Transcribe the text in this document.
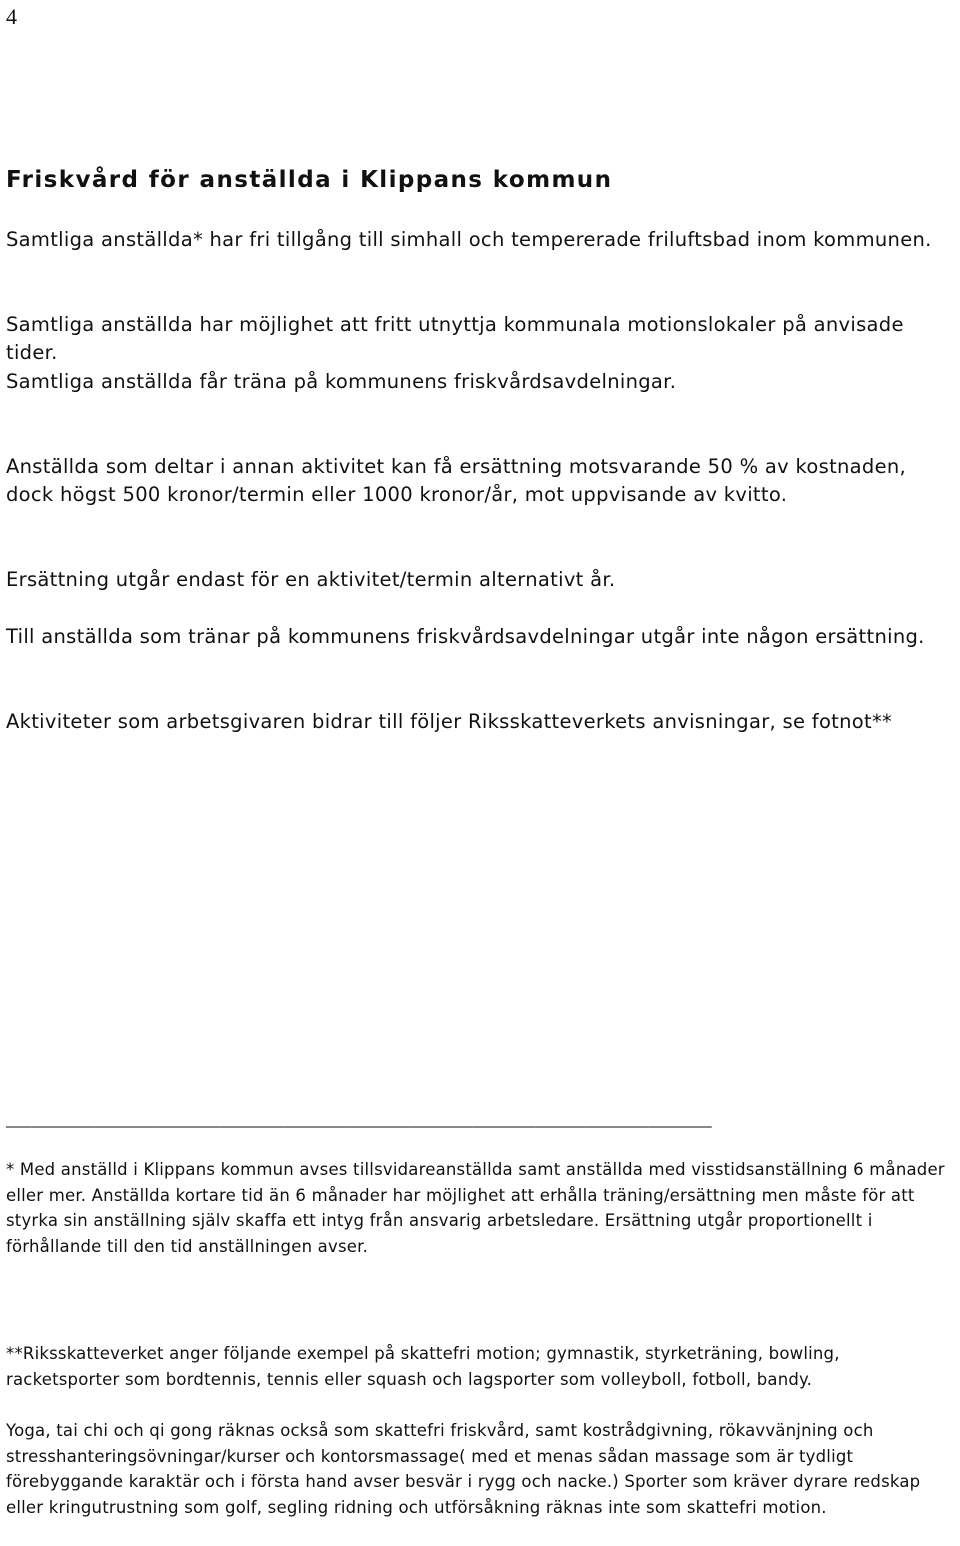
4
Friskvård för anställda i Klippans kommun

Samtliga anställda* har fri tillgång till simhall och tempererade friluftsbad inom kommunen.

Samtliga anställda har möjlighet att fritt utnyttja kommunala motionslokaler på anvisade tider.

Samtliga anställda får träna på kommunens friskvårdsavdelningar.

Anställda som deltar i annan aktivitet kan få ersättning motsvarande 50 % av kostnaden, dock högst 500 kronor/termin eller 1000 kronor/år, mot uppvisande av kvitto.

Ersättning utgår endast för en aktivitet/termin alternativt år.

Till anställda som tränar på kommunens friskvårdsavdelningar utgår inte någon ersättning.

Aktiviteter som arbetsgivaren bidrar till följer Riksskatteverkets anvisningar, se fotnot**

________________________________________________________

* Med anställd i Klippans kommun avses tillsvidareanställda samt anställda med visstidsanställning 6 månader eller mer. Anställda kortare tid än 6 månader har möjlighet att erhålla träning/ersättning men måste för att styrka sin anställning själv skaffa ett intyg från ansvarig arbetsledare. Ersättning utgår proportionellt i förhållande till den tid anställningen avser.

**Riksskatteverket anger följande exempel på skattefri motion; gymnastik, styrketräning, bowling, racketsporter som bordtennis, tennis eller squash och lagsporter som volleyboll, fotboll, bandy.

Yoga, tai chi och qi gong räknas också som skattefri friskvård, samt kostrådgivning, rökavvänjning och stresshanteringsövningar/kurser och kontorsmassage( med et menas sådan massage som är tydligt förebyggande karaktär och i första hand avser besvär i rygg och nacke.) Sporter som kräver dyrare redskap eller kringutrustning som golf, segling ridning och utförsåkning räknas inte som skattefri motion.
